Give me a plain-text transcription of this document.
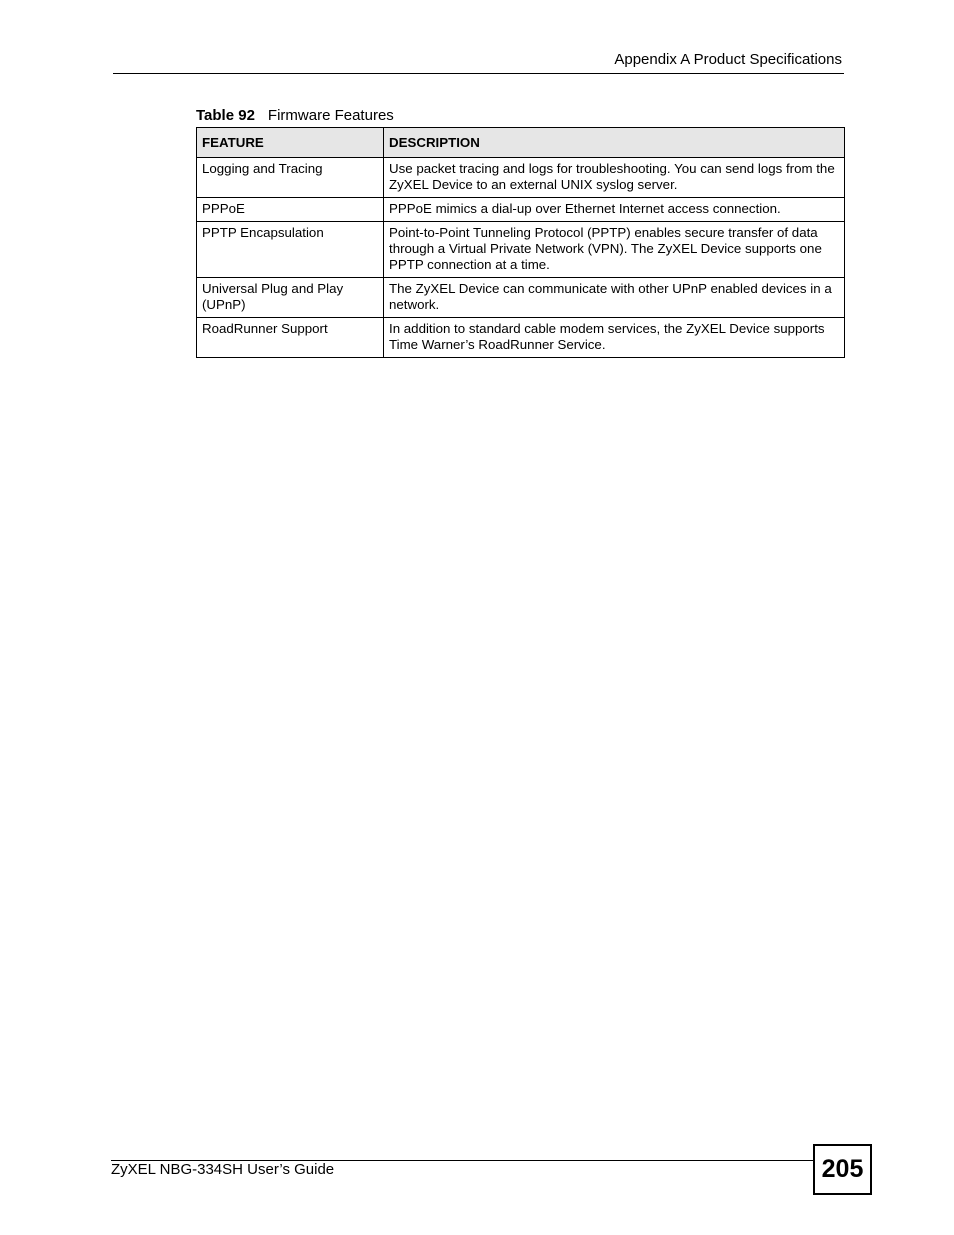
Appendix A Product Specifications
Table 92 Firmware Features
FEATURE	DESCRIPTION
Logging and Tracing	Use packet tracing and logs for troubleshooting. You can send logs from the ZyXEL Device to an external UNIX syslog server.
PPPoE	PPPoE mimics a dial-up over Ethernet Internet access connection.
PPTP Encapsulation	Point-to-Point Tunneling Protocol (PPTP) enables secure transfer of data through a Virtual Private Network (VPN). The ZyXEL Device supports one PPTP connection at a time.
Universal Plug and Play (UPnP)	The ZyXEL Device can communicate with other UPnP enabled devices in a network.
RoadRunner Support	In addition to standard cable modem services, the ZyXEL Device supports Time Warner’s RoadRunner Service.
ZyXEL NBG-334SH User’s Guide	205
